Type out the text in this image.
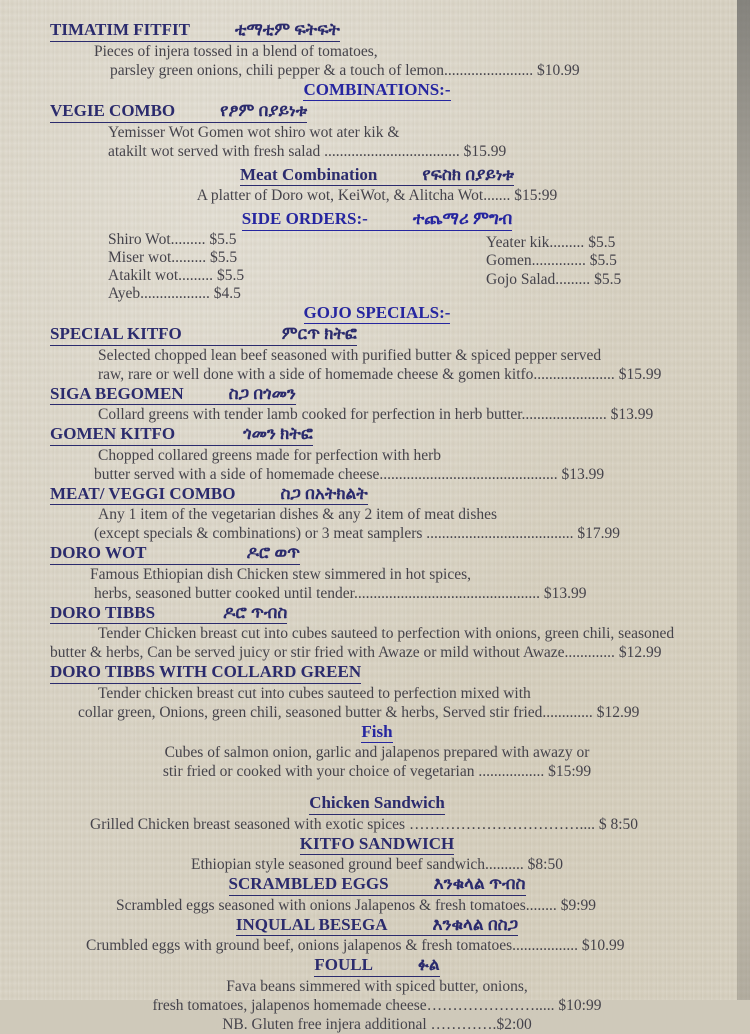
TIMATIM FITFIT	ቲማቲም ፍትፍት
Pieces of injera tossed in a blend of tomatoes,
parsley green onions, chili pepper & a touch of lemon....................... $10.99
COMBINATIONS:-
VEGIE COMBO	የፆም በያይነቱ
Yemisser Wot Gomen wot shiro wot ater kik &
atakilt wot served with fresh salad ................................... $15.99
Meat Combination	የፍስክ በያይነቱ
A platter of Doro wot, KeiWot, & Alitcha Wot....... $15:99
SIDE ORDERS:-	ተጨማሪ ምግብ
Shiro Wot......... $5.5
Miser wot......... $5.5
Atakilt wot......... $5.5
Ayeb.................. $4.5
Yeater kik......... $5.5
Gomen.............. $5.5
Gojo Salad......... $5.5
GOJO SPECIALS:-
SPECIAL KITFO	ምርጥ ክትፎ
Selected chopped lean beef seasoned with purified butter & spiced pepper served
raw, rare or well done with a side of homemade cheese & gomen kitfo..................... $15.99
SIGA BEGOMEN	ስጋ በጎመን
Collard greens with tender lamb cooked for perfection in herb butter...................... $13.99
GOMEN KITFO	ጎመን ክትፎ
Chopped collared greens made for perfection with herb
butter served with a side of homemade cheese.............................................. $13.99
MEAT/ VEGGI COMBO	ስጋ በአትክልት
Any 1 item of the vegetarian dishes & any 2 item of meat dishes
(except specials & combinations) or 3 meat samplers ...................................... $17.99
DORO WOT	ዶሮ ወጥ
Famous Ethiopian dish Chicken stew simmered in hot spices,
herbs, seasoned butter cooked until tender................................................ $13.99
DORO TIBBS	ዶሮ ጥብስ
Tender Chicken breast cut into cubes sauteed to perfection with onions, green chili, seasoned
butter & herbs, Can be served juicy or stir fried with Awaze or mild without Awaze............. $12.99
DORO TIBBS WITH COLLARD GREEN
Tender chicken breast cut into cubes sauteed to perfection mixed with
collar green, Onions, green chili, seasoned butter & herbs, Served stir fried............. $12.99
Fish
Cubes of salmon onion, garlic and jalapenos prepared with awazy or
stir fried or cooked with your choice of vegetarian ................. $15:99
Chicken Sandwich
Grilled Chicken breast seasoned with exotic spices …………………………….... $ 8:50
KITFO SANDWICH
Ethiopian style seasoned ground beef sandwich.......... $8:50
SCRAMBLED EGGS	እንቁላል ጥብስ
Scrambled eggs seasoned with onions Jalapenos & fresh tomatoes........ $9:99
INQULAL BESEGA	እንቁላል በስጋ
Crumbled eggs with ground beef, onions jalapenos & fresh tomatoes................. $10.99
FOULL	ፉል
Fava beans simmered with spiced butter, onions,
fresh tomatoes, jalapenos homemade cheese…………………..... $10:99
NB. Gluten free injera additional ………….$2:00
